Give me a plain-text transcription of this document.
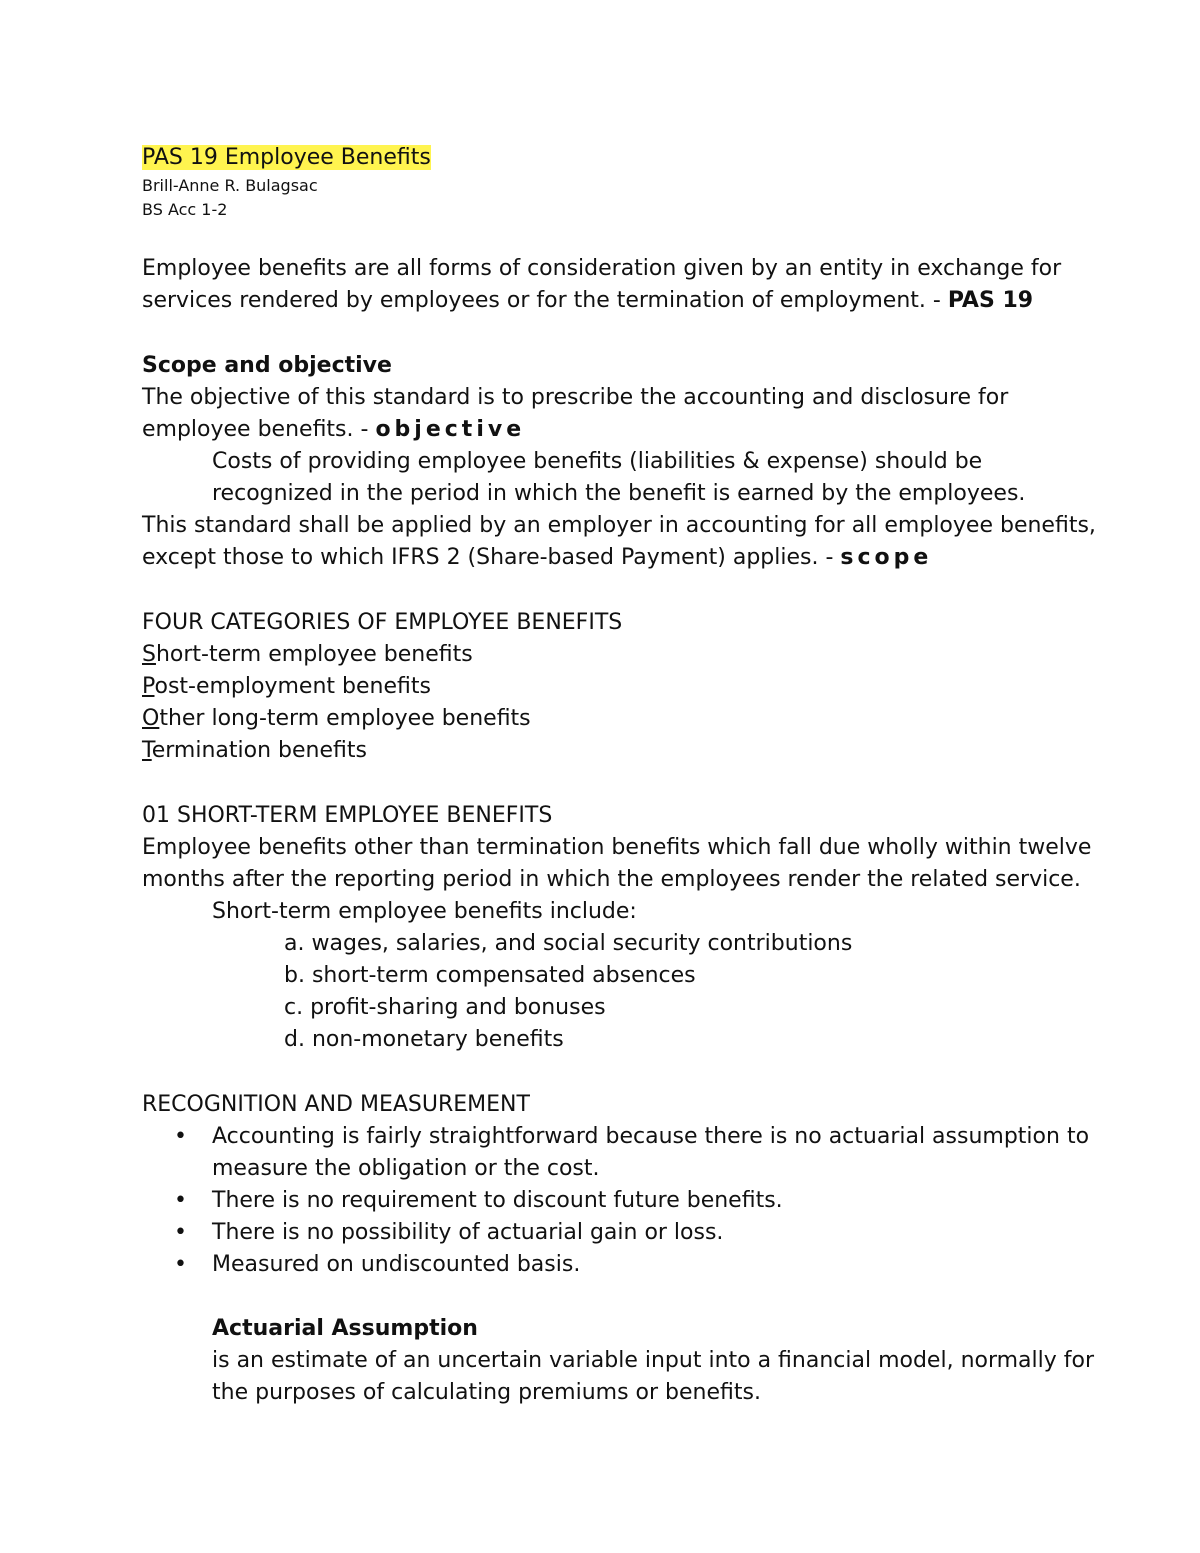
PAS 19 Employee Benefits
Brill-Anne R. Bulagsac
BS Acc 1-2
Employee benefits are all forms of consideration given by an entity in exchange for
services rendered by employees or for the termination of employment. - PAS 19
Scope and objective
The objective of this standard is to prescribe the accounting and disclosure for
employee benefits. - objective
Costs of providing employee benefits (liabilities & expense) should be
recognized in the period in which the benefit is earned by the employees.
This standard shall be applied by an employer in accounting for all employee benefits,
except those to which IFRS 2 (Share-based Payment) applies. - scope
FOUR CATEGORIES OF EMPLOYEE BENEFITS
Short-term employee benefits
Post-employment benefits
Other long-term employee benefits
Termination benefits
01 SHORT-TERM EMPLOYEE BENEFITS
Employee benefits other than termination benefits which fall due wholly within twelve
months after the reporting period in which the employees render the related service.
Short-term employee benefits include:
a. wages, salaries, and social security contributions
b. short-term compensated absences
c. profit-sharing and bonuses
d. non-monetary benefits
RECOGNITION AND MEASUREMENT
• Accounting is fairly straightforward because there is no actuarial assumption to
measure the obligation or the cost.
• There is no requirement to discount future benefits.
• There is no possibility of actuarial gain or loss.
• Measured on undiscounted basis.
Actuarial Assumption
is an estimate of an uncertain variable input into a financial model, normally for
the purposes of calculating premiums or benefits.
